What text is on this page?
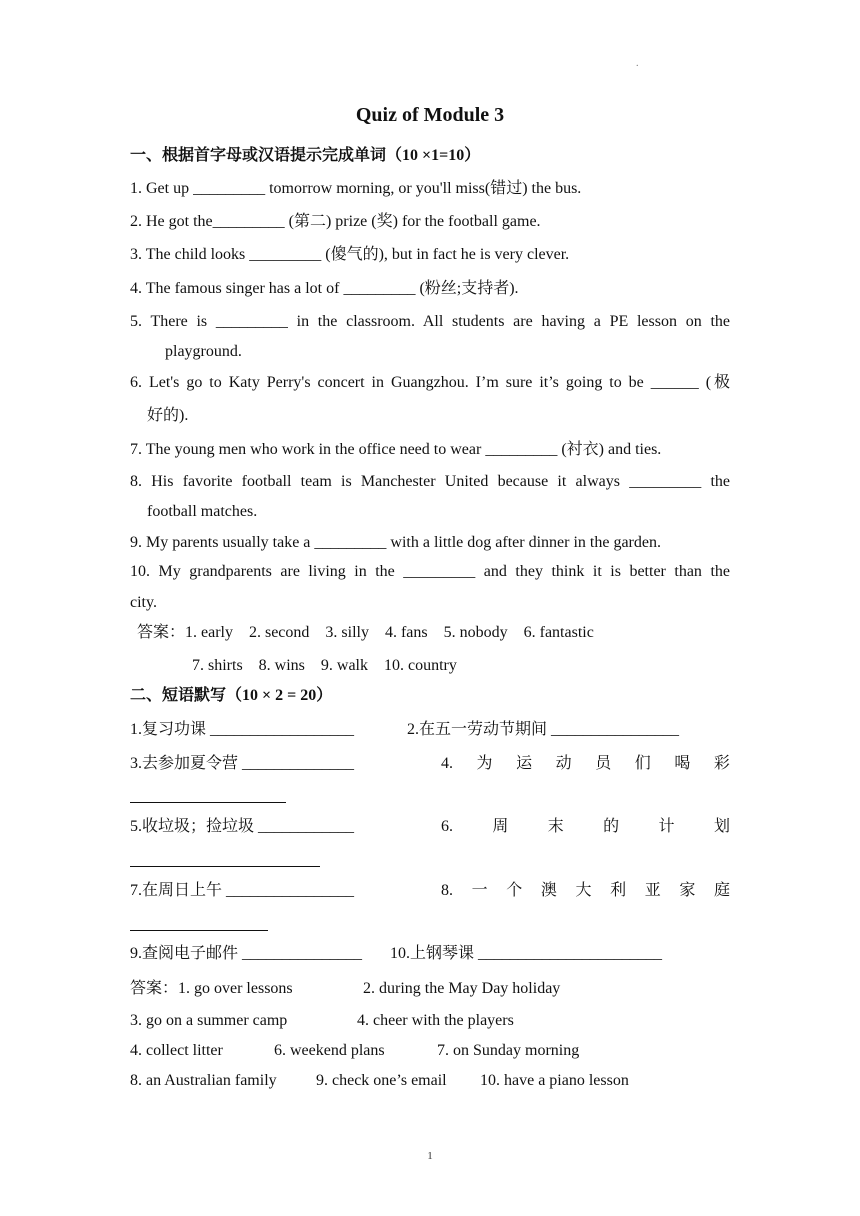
.
Quiz of Module 3
一、根据首字母或汉语提示完成单词（10 ×1=10）
1. Get up _________ tomorrow morning, or you'll miss(错过) the bus.
2. He got the_________ (第二) prize (奖) for the football game.
3. The child looks _________ (傻气的), but in fact he is very clever.
4. The famous singer has a lot of _________ (粉丝;支持者).
5. There is _________ in the classroom. All students are having a PE lesson on the
playground.
6. Let's go to Katy Perry's concert in Guangzhou. I’m sure it’s going to be ______ (极
好的).
7. The young men who work in the office need to wear _________ (衬衣) and ties.
8. His favorite football team is Manchester United because it always _________ the
football matches.
9. My parents usually take a _________ with a little dog after dinner in the garden.
10. My grandparents are living in the _________ and they think it is better than the
city.
答案：1. early    2. second    3. silly    4. fans    5. nobody    6. fantastic
7. shirts    8. wins    9. walk    10. country
二、短语默写（10 × 2 = 20）
1.复习功课 __________________	2.在五一劳动节期间 ________________
3.去参加夏令营 ______________	4. 为 运 动 员 们 喝 彩
5.收垃圾；捡垃圾 ____________	6. 周 末 的 计 划
7.在周日上午 ________________	8. 一 个 澳 大 利 亚 家 庭
9.查阅电子邮件 _______________ 10.上钢琴课 _______________________
答案：1. go over lessons	2. during the May Day holiday
3. go on a summer camp	4. cheer with the players
4. collect litter	6. weekend plans	7. on Sunday morning
8. an Australian family 9. check one’s email 10. have a piano lesson
1
